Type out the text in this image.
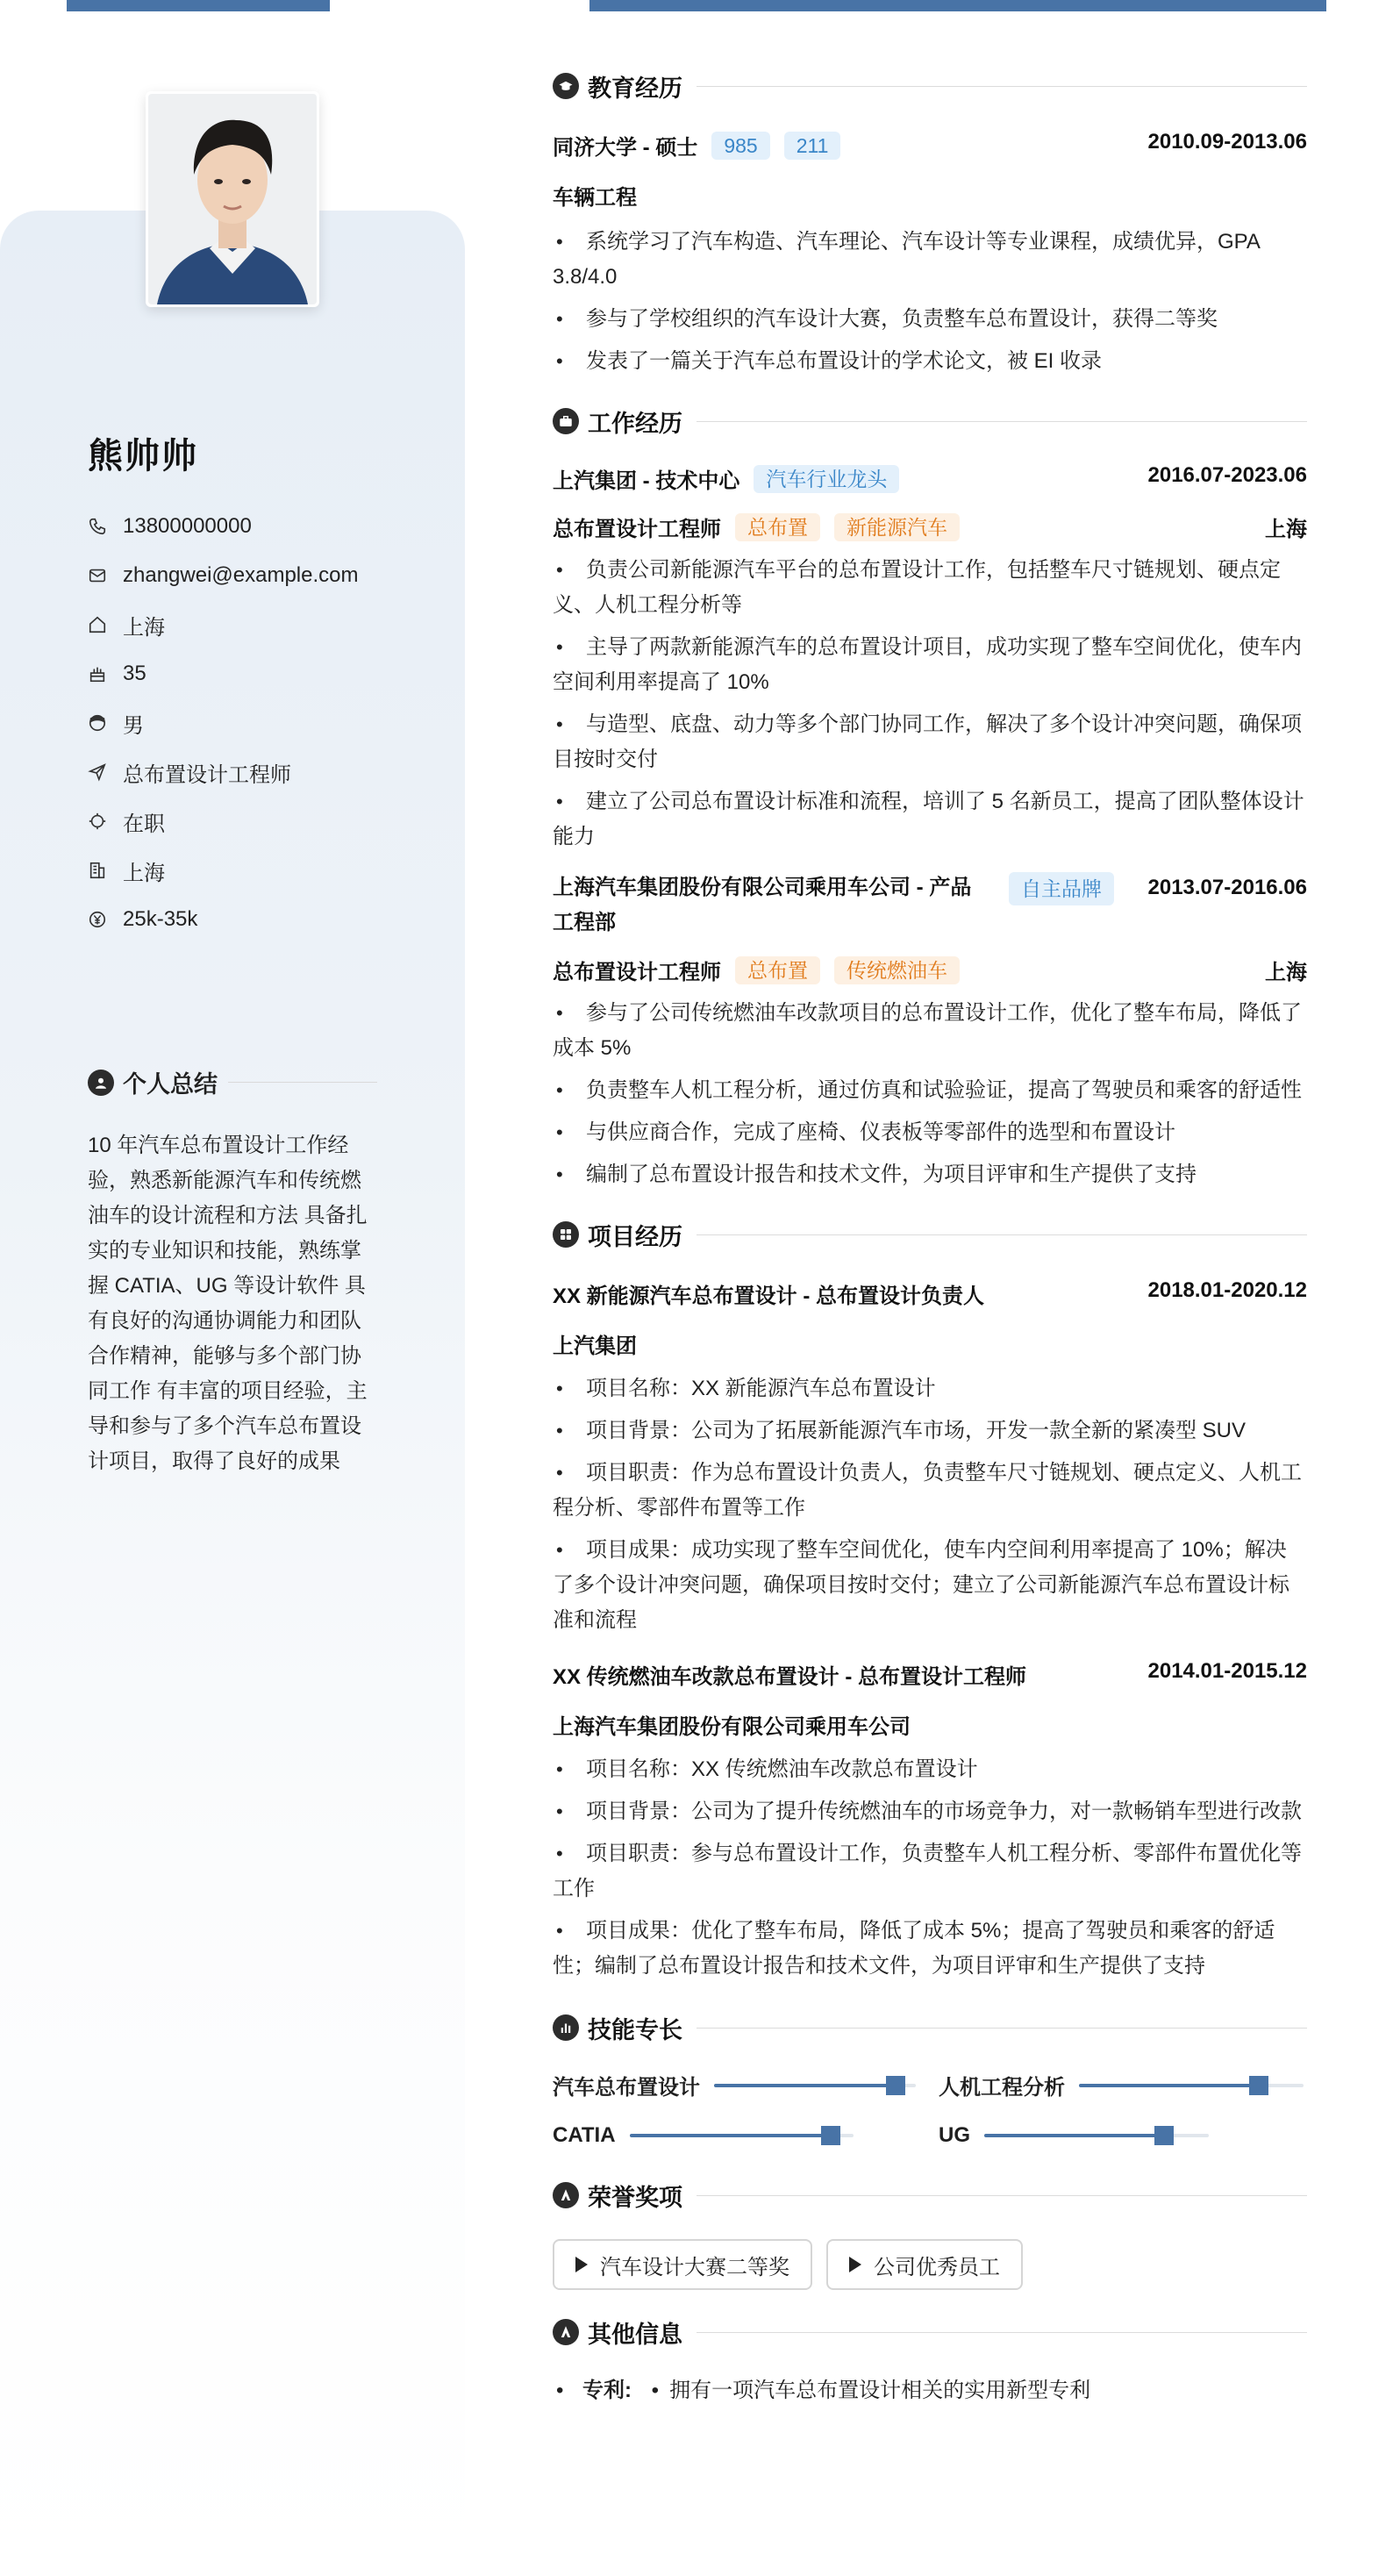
熊帅帅
13800000000
zhangwei@example.com
上海
35
男
总布置设计工程师
在职
上海
25k-35k
个人总结
10 年汽车总布置设计工作经验，熟悉新能源汽车和传统燃油车的设计流程和方法 具备扎实的专业知识和技能，熟练掌握 CATIA、UG 等设计软件 具有良好的沟通协调能力和团队合作精神，能够与多个部门协同工作 有丰富的项目经验，主导和参与了多个汽车总布置设计项目，取得了良好的成果
教育经历
同济大学 - 硕士	985	211	2010.09-2013.06
车辆工程
• 系统学习了汽车构造、汽车理论、汽车设计等专业课程，成绩优异，GPA 3.8/4.0
• 参与了学校组织的汽车设计大赛，负责整车总布置设计，获得二等奖
• 发表了一篇关于汽车总布置设计的学术论文，被 EI 收录
工作经历
上汽集团 - 技术中心	汽车行业龙头	2016.07-2023.06
总布置设计工程师	总布置	新能源汽车	上海
• 负责公司新能源汽车平台的总布置设计工作，包括整车尺寸链规划、硬点定义、人机工程分析等
• 主导了两款新能源汽车的总布置设计项目，成功实现了整车空间优化，使车内空间利用率提高了 10%
• 与造型、底盘、动力等多个部门协同工作，解决了多个设计冲突问题，确保项目按时交付
• 建立了公司总布置设计标准和流程，培训了 5 名新员工，提高了团队整体设计能力
上海汽车集团股份有限公司乘用车公司 - 产品工程部
自主品牌	2013.07-2016.06
总布置设计工程师	总布置	传统燃油车	上海
• 参与了公司传统燃油车改款项目的总布置设计工作，优化了整车布局，降低了成本 5%
• 负责整车人机工程分析，通过仿真和试验验证，提高了驾驶员和乘客的舒适性
• 与供应商合作，完成了座椅、仪表板等零部件的选型和布置设计
• 编制了总布置设计报告和技术文件，为项目评审和生产提供了支持
项目经历
XX 新能源汽车总布置设计 - 总布置设计负责人	2018.01-2020.12
上汽集团
• 项目名称：XX 新能源汽车总布置设计
• 项目背景：公司为了拓展新能源汽车市场，开发一款全新的紧凑型 SUV
• 项目职责：作为总布置设计负责人，负责整车尺寸链规划、硬点定义、人机工程分析、零部件布置等工作
• 项目成果：成功实现了整车空间优化，使车内空间利用率提高了 10%；解决了多个设计冲突问题，确保项目按时交付；建立了公司新能源汽车总布置设计标准和流程
XX 传统燃油车改款总布置设计 - 总布置设计工程师	2014.01-2015.12
上海汽车集团股份有限公司乘用车公司
• 项目名称：XX 传统燃油车改款总布置设计
• 项目背景：公司为了提升传统燃油车的市场竞争力，对一款畅销车型进行改款
• 项目职责：参与总布置设计工作，负责整车人机工程分析、零部件布置优化等工作
• 项目成果：优化了整车布局，降低了成本 5%；提高了驾驶员和乘客的舒适性；编制了总布置设计报告和技术文件，为项目评审和生产提供了支持
技能专长
汽车总布置设计	人机工程分析
CATIA	UG
荣誉奖项
汽车设计大赛二等奖	公司优秀员工
其他信息
• 专利: • 拥有一项汽车总布置设计相关的实用新型专利
